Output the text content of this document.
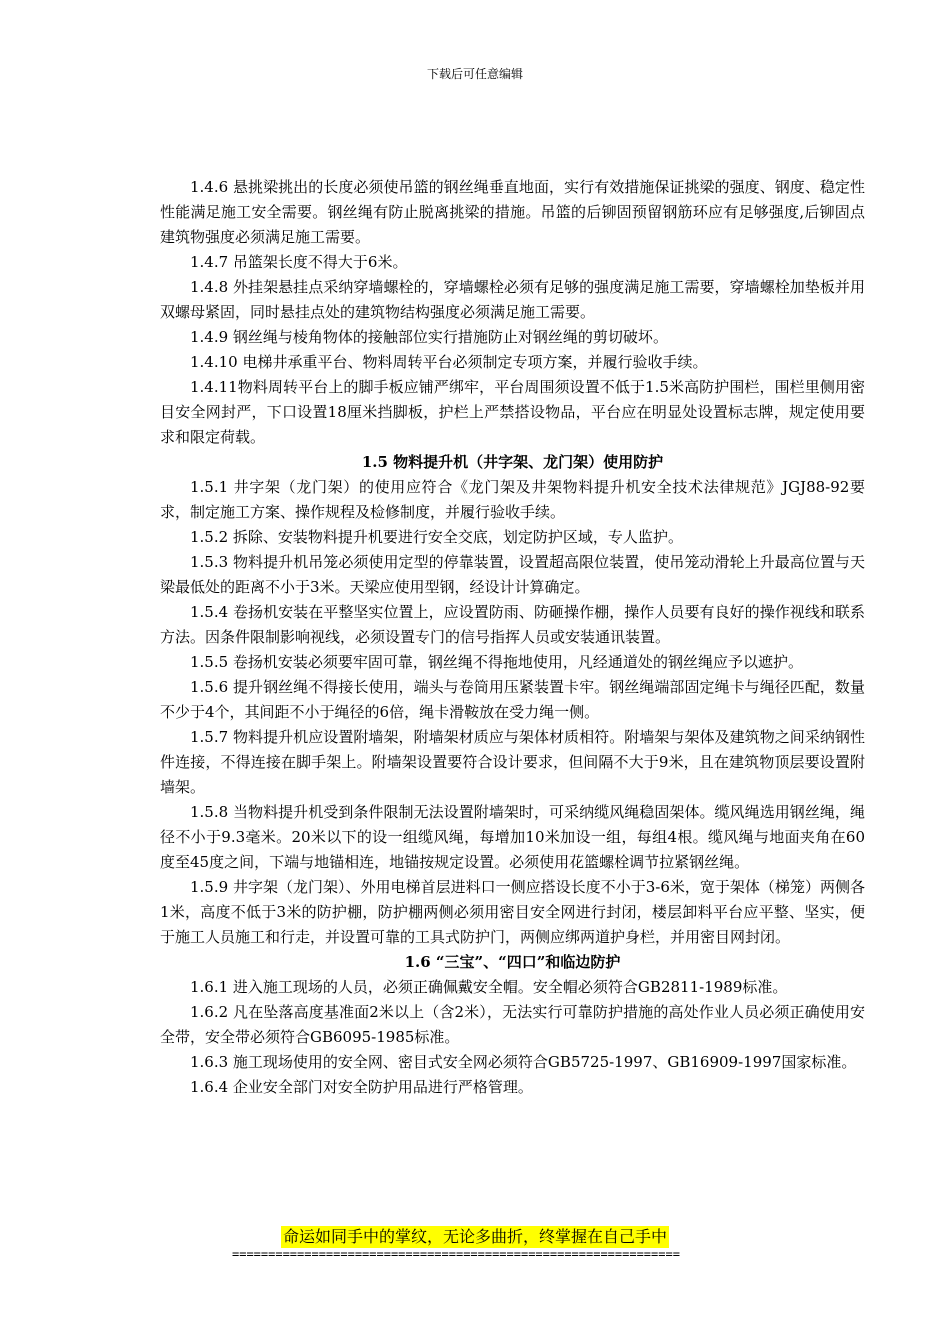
下载后可任意编辑

1.4.6 悬挑梁挑出的长度必须使吊篮的钢丝绳垂直地面，实行有效措施保证挑梁的强度、钢度、稳定性性能满足施工安全需要。钢丝绳有防止脱离挑梁的措施。吊篮的后铆固预留钢筋环应有足够强度,后铆固点建筑物强度必须满足施工需要。

1.4.7 吊篮架长度不得大于6米。

1.4.8 外挂架悬挂点采纳穿墙螺栓的，穿墙螺栓必须有足够的强度满足施工需要，穿墙螺栓加垫板并用双螺母紧固，同时悬挂点处的建筑物结构强度必须满足施工需要。

1.4.9 钢丝绳与棱角物体的接触部位实行措施防止对钢丝绳的剪切破坏。

1.4.10 电梯井承重平台、物料周转平台必须制定专项方案，并履行验收手续。

1.4.11物料周转平台上的脚手板应铺严绑牢，平台周围须设置不低于1.5米高防护围栏，围栏里侧用密目安全网封严，下口设置18厘米挡脚板，护栏上严禁搭设物品，平台应在明显处设置标志牌，规定使用要求和限定荷载。

1.5 物料提升机（井字架、龙门架）使用防护

1.5.1 井字架（龙门架）的使用应符合《龙门架及井架物料提升机安全技术法律规范》JGJ88-92要求，制定施工方案、操作规程及检修制度，并履行验收手续。

1.5.2 拆除、安装物料提升机要进行安全交底，划定防护区域，专人监护。

1.5.3 物料提升机吊笼必须使用定型的停靠装置，设置超高限位装置，使吊笼动滑轮上升最高位置与天梁最低处的距离不小于3米。天梁应使用型钢，经设计计算确定。

1.5.4 卷扬机安装在平整坚实位置上，应设置防雨、防砸操作棚，操作人员要有良好的操作视线和联系方法。因条件限制影响视线，必须设置专门的信号指挥人员或安装通讯装置。

1.5.5 卷扬机安装必须要牢固可靠，钢丝绳不得拖地使用，凡经通道处的钢丝绳应予以遮护。

1.5.6 提升钢丝绳不得接长使用，端头与卷筒用压紧装置卡牢。钢丝绳端部固定绳卡与绳径匹配，数量不少于4个，其间距不小于绳径的6倍，绳卡滑鞍放在受力绳一侧。

1.5.7 物料提升机应设置附墙架，附墙架材质应与架体材质相符。附墙架与架体及建筑物之间采纳钢性件连接，不得连接在脚手架上。附墙架设置要符合设计要求，但间隔不大于9米，且在建筑物顶层要设置附墙架。

1.5.8 当物料提升机受到条件限制无法设置附墙架时，可采纳缆风绳稳固架体。缆风绳选用钢丝绳，绳径不小于9.3毫米。20米以下的设一组缆风绳，每增加10米加设一组，每组4根。缆风绳与地面夹角在60度至45度之间，下端与地锚相连，地锚按规定设置。必须使用花篮螺栓调节拉紧钢丝绳。

1.5.9 井字架（龙门架）、外用电梯首层进料口一侧应搭设长度不小于3-6米，宽于架体（梯笼）两侧各1米，高度不低于3米的防护棚，防护棚两侧必须用密目安全网进行封闭，楼层卸料平台应平整、坚实，便于施工人员施工和行走，并设置可靠的工具式防护门，两侧应绑两道护身栏，并用密目网封闭。

1.6 “三宝”、“四口”和临边防护

1.6.1 进入施工现场的人员，必须正确佩戴安全帽。安全帽必须符合GB2811-1989标准。

1.6.2 凡在坠落高度基准面2米以上（含2米），无法实行可靠防护措施的高处作业人员必须正确使用安全带，安全带必须符合GB6095-1985标准。

1.6.3 施工现场使用的安全网、密目式安全网必须符合GB5725-1997、GB16909-1997国家标准。

1.6.4 企业安全部门对安全防护用品进行严格管理。

命运如同手中的掌纹，无论多曲折，终掌握在自己手中
==============================================================
